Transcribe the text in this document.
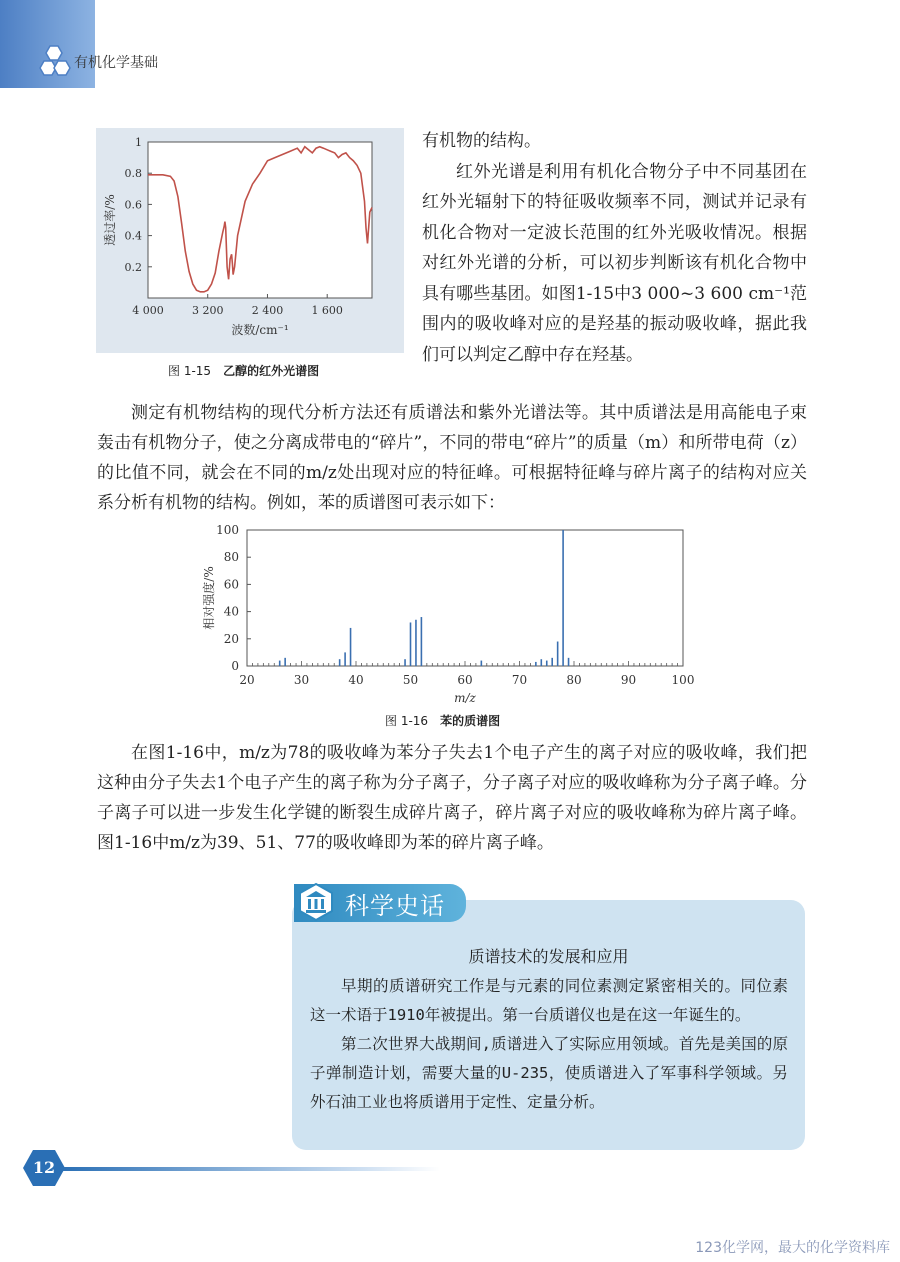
有机化学基础
0.2
0.4
0.6
0.8
1
4 000	3 200	2 400	1 600
波数/cm⁻¹
透过率/%
图 1-15 乙醇的红外光谱图

有机物的结构。

红外光谱是利用有机化合物分子中不同基团在红外光辐射下的特征吸收频率不同，测试并记录有机化合物对一定波长范围的红外光吸收情况。根据对红外光谱的分析，可以初步判断该有机化合物中具有哪些基团。如图1-15中3 000~3 600 cm⁻¹范围内的吸收峰对应的是羟基的振动吸收峰，据此我们可以判定乙醇中存在羟基。

测定有机物结构的现代分析方法还有质谱法和紫外光谱法等。其中质谱法是用高能电子束轰击有机物分子，使之分离成带电的“碎片”，不同的带电“碎片”的质量（m）和所带电荷（z）的比值不同，就会在不同的m/z处出现对应的特征峰。可根据特征峰与碎片离子的结构对应关系分析有机物的结构。例如，苯的质谱图可表示如下：

0
20
40
60
80
100
20	30	40	50	60	70	80	90	100
m/z
相对强度/%
图 1-16 苯的质谱图

在图1-16中，m/z为78的吸收峰为苯分子失去1个电子产生的离子对应的吸收峰，我们把这种由分子失去1个电子产生的离子称为分子离子，分子离子对应的吸收峰称为分子离子峰。分子离子可以进一步发生化学键的断裂生成碎片离子，碎片离子对应的吸收峰称为碎片离子峰。图1-16中m/z为39、51、77的吸收峰即为苯的碎片离子峰。

科学史话
质谱技术的发展和应用

早期的质谱研究工作是与元素的同位素测定紧密相关的。同位素这一术语于1910年被提出。第一台质谱仪也是在这一年诞生的。

第二次世界大战期间,质谱进入了实际应用领域。首先是美国的原子弹制造计划，需要大量的U-235，使质谱进入了军事科学领域。另外石油工业也将质谱用于定性、定量分析。

12
123化学网，最大的化学资料库
